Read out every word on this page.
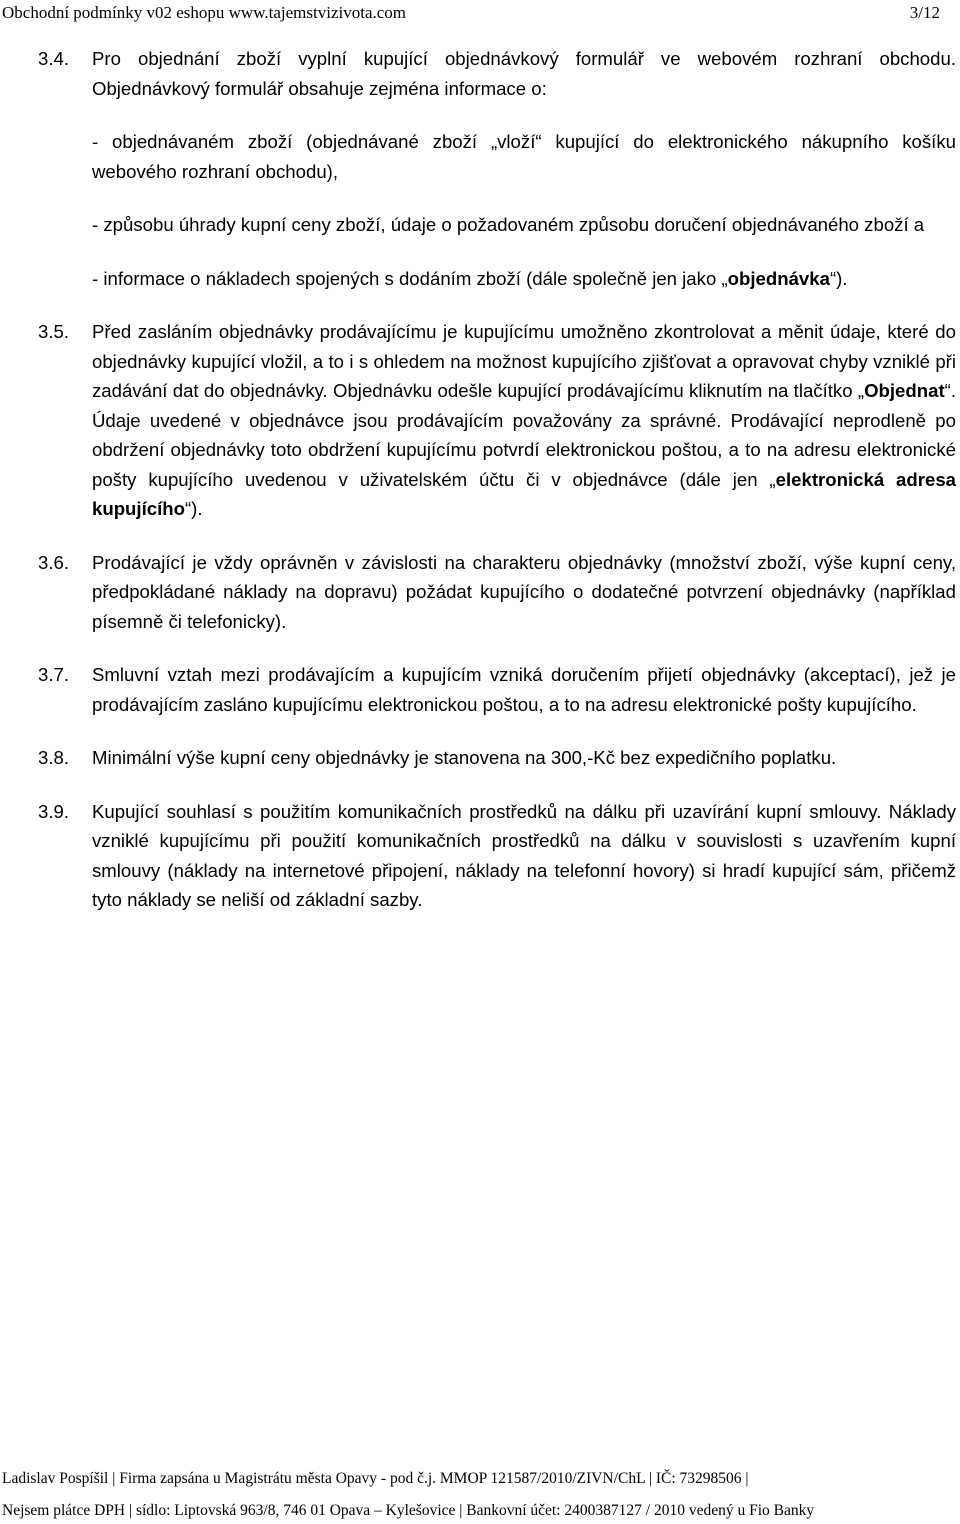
Obchodní podmínky v02 eshopu www.tajemstvizivota.com	3/12
3.4.	Pro objednání zboží vyplní kupující objednávkový formulář ve webovém rozhraní obchodu. Objednávkový formulář obsahuje zejména informace o:

- objednávaném zboží (objednávané zboží „vloží“ kupující do elektronického nákupního košíku webového rozhraní obchodu),

- způsobu úhrady kupní ceny zboží, údaje o požadovaném způsobu doručení objednávaného zboží a

- informace o nákladech spojených s dodáním zboží (dále společně jen jako „objednávka“).

3.5.	Před zasláním objednávky prodávajícímu je kupujícímu umožněno zkontrolovat a měnit údaje, které do objednávky kupující vložil, a to i s ohledem na možnost kupujícího zjišťovat a opravovat chyby vzniklé při zadávání dat do objednávky. Objednávku odešle kupující prodávajícímu kliknutím na tlačítko „Objednat“. Údaje uvedené v objednávce jsou prodávajícím považovány za správné. Prodávající neprodleně po obdržení objednávky toto obdržení kupujícímu potvrdí elektronickou poštou, a to na adresu elektronické pošty kupujícího uvedenou v uživatelském účtu či v objednávce (dále jen „elektronická adresa kupujícího“).

3.6.	Prodávající je vždy oprávněn v závislosti na charakteru objednávky (množství zboží, výše kupní ceny, předpokládané náklady na dopravu) požádat kupujícího o dodatečné potvrzení objednávky (například písemně či telefonicky).

3.7.	Smluvní vztah mezi prodávajícím a kupujícím vzniká doručením přijetí objednávky (akceptací), jež je prodávajícím zasláno kupujícímu elektronickou poštou, a to na adresu elektronické pošty kupujícího.

3.8.	Minimální výše kupní ceny objednávky je stanovena na 300,-Kč bez expedičního poplatku.

3.9.	Kupující souhlasí s použitím komunikačních prostředků na dálku při uzavírání kupní smlouvy. Náklady vzniklé kupujícímu při použití komunikačních prostředků na dálku v souvislosti s uzavřením kupní smlouvy (náklady na internetové připojení, náklady na telefonní hovory) si hradí kupující sám, přičemž tyto náklady se neliší od základní sazby.

Ladislav Pospíšil | Firma zapsána u Magistrátu města Opavy - pod č.j. MMOP 121587/2010/ZIVN/ChL | IČ: 73298506 |
Nejsem plátce DPH | sídlo: Liptovská 963/8, 746 01 Opava – Kylešovice | Bankovní účet: 2400387127 / 2010 vedený u Fio Banky
